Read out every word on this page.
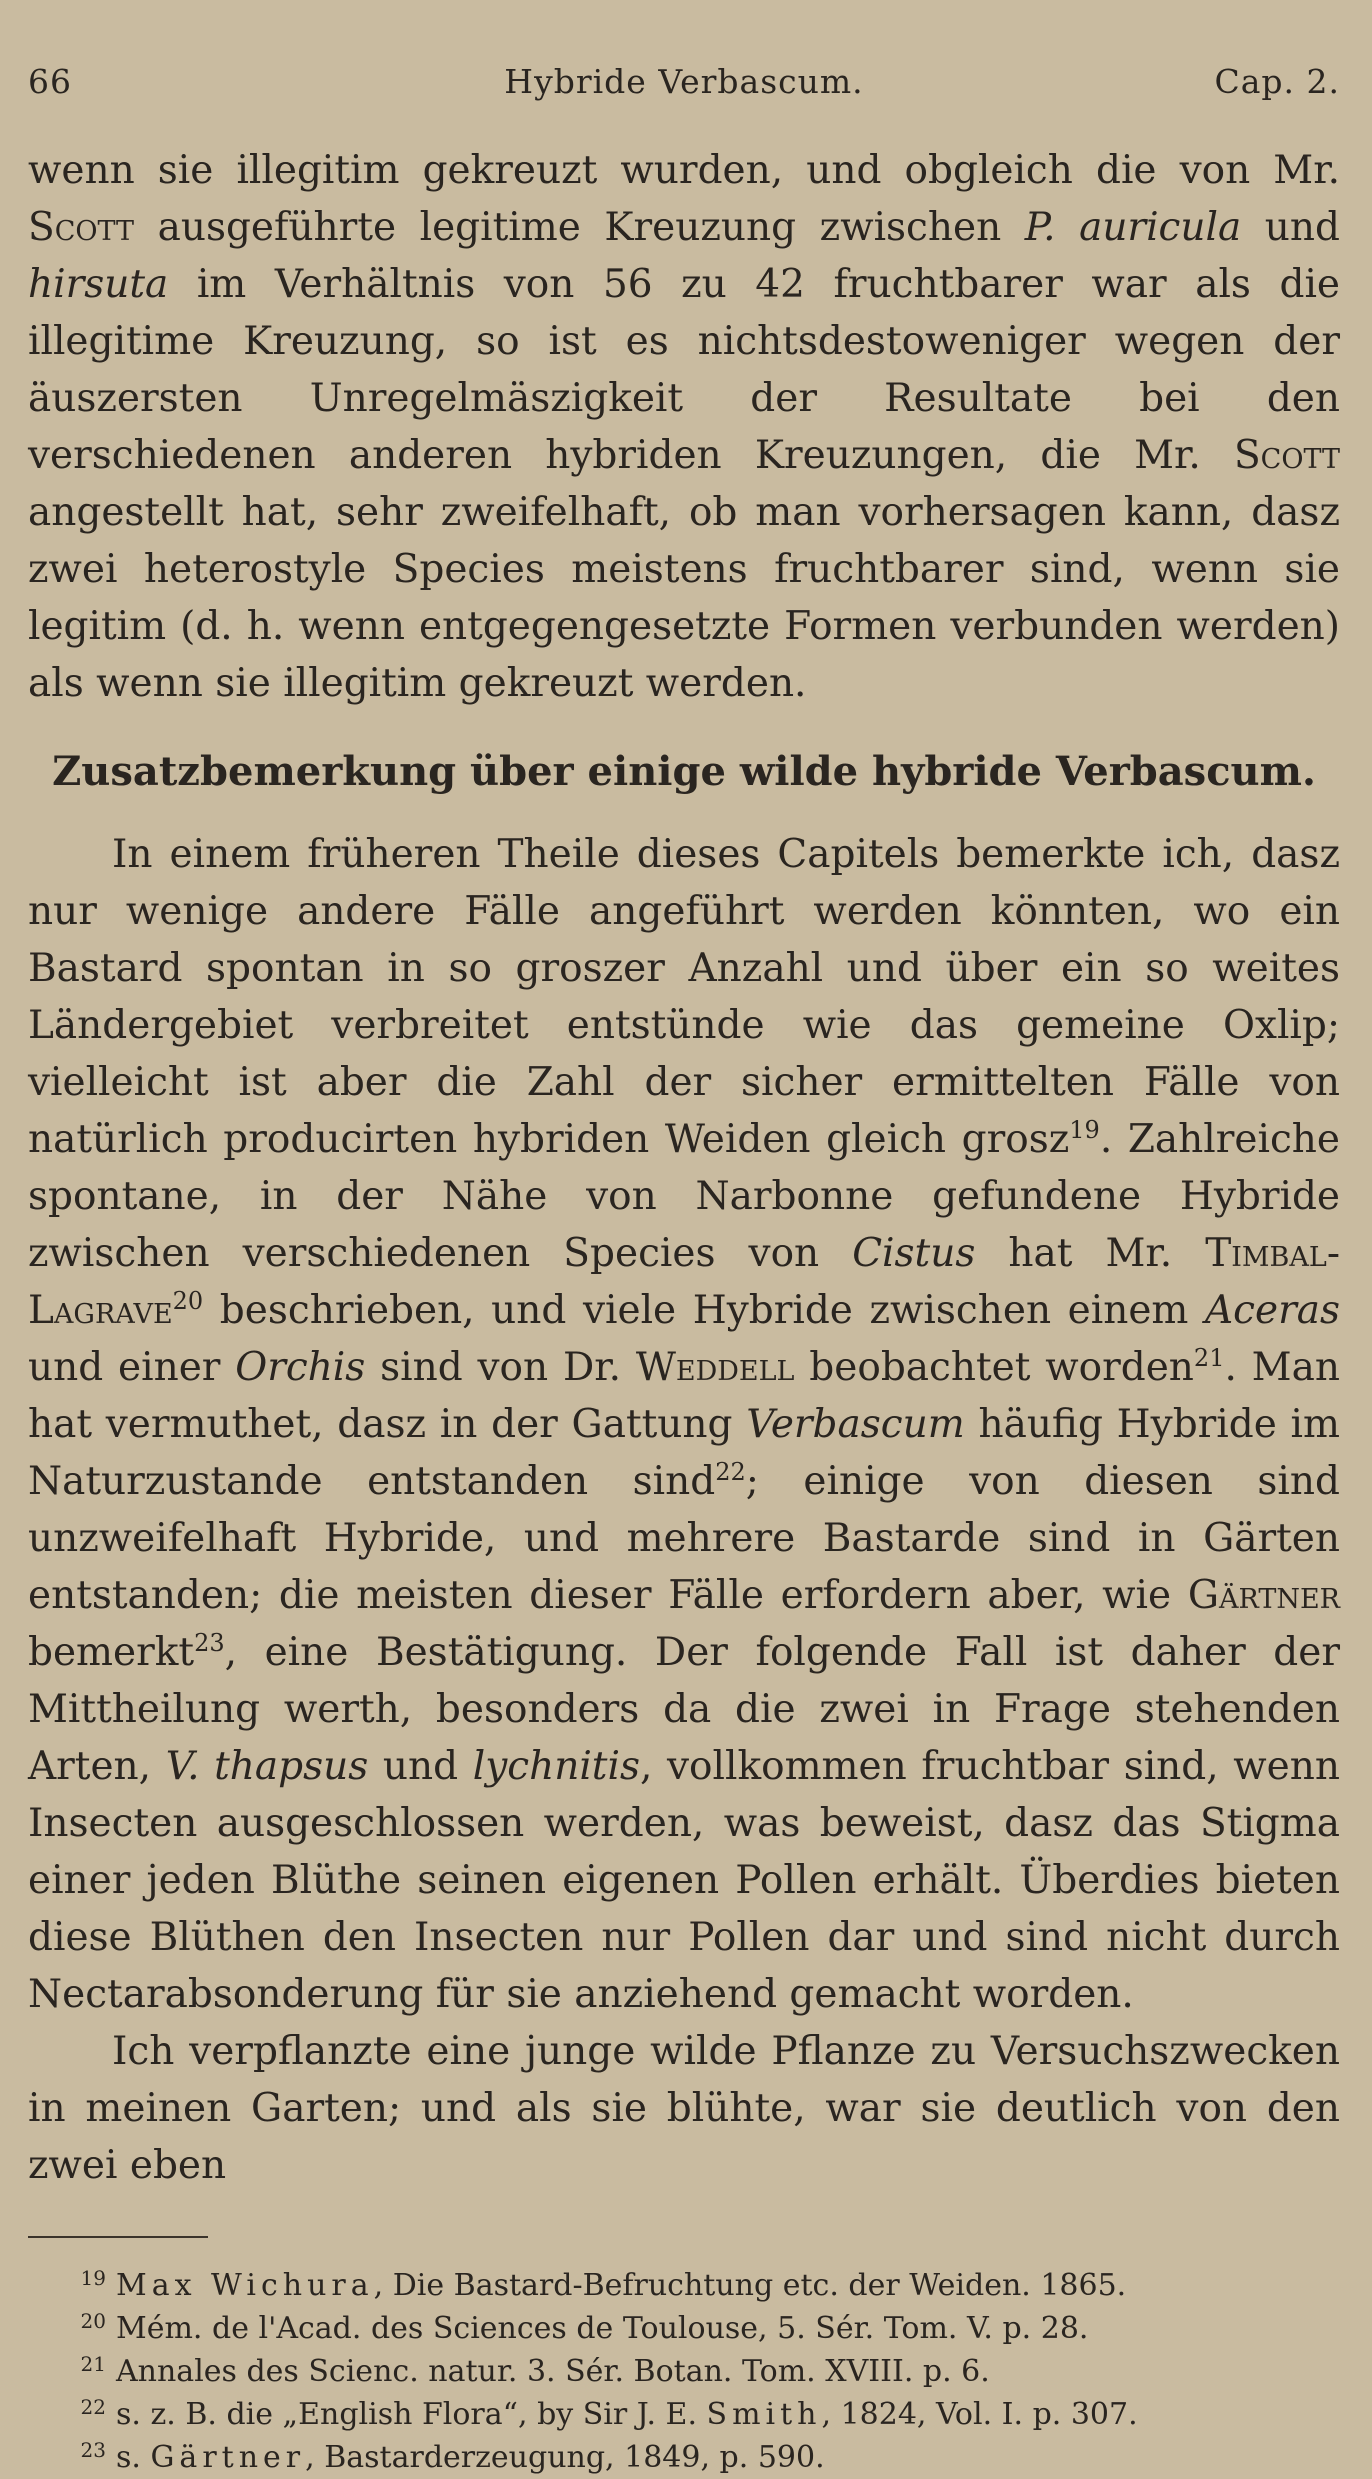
66	Hybride Verbascum.	Cap. 2.

wenn sie illegitim gekreuzt wurden, und obgleich die von Mr. Scott ausgeführte legitime Kreuzung zwischen P. auricula und hirsuta im Verhältnis von 56 zu 42 fruchtbarer war als die illegitime Kreuzung, so ist es nichtsdestoweniger wegen der äuszersten Unregelmäszigkeit der Resultate bei den verschiedenen anderen hybriden Kreuzungen, die Mr. Scott angestellt hat, sehr zweifelhaft, ob man vorhersagen kann, dasz zwei heterostyle Species meistens fruchtbarer sind, wenn sie legitim (d. h. wenn entgegengesetzte Formen verbunden werden) als wenn sie illegitim gekreuzt werden.

Zusatzbemerkung über einige wilde hybride Verbascum.

In einem früheren Theile dieses Capitels bemerkte ich, dasz nur wenige andere Fälle angeführt werden könnten, wo ein Bastard spontan in so groszer Anzahl und über ein so weites Ländergebiet verbreitet entstünde wie das gemeine Oxlip; vielleicht ist aber die Zahl der sicher ermittelten Fälle von natürlich producirten hybriden Weiden gleich grosz$^{19}$. Zahlreiche spontane, in der Nähe von Narbonne gefundene Hybride zwischen verschiedenen Species von Cistus hat Mr. Timbal-Lagrave$^{20}$ beschrieben, und viele Hybride zwischen einem Aceras und einer Orchis sind von Dr. Weddell beobachtet worden$^{21}$. Man hat vermuthet, dasz in der Gattung Verbascum häufig Hybride im Naturzustande entstanden sind$^{22}$; einige von diesen sind unzweifelhaft Hybride, und mehrere Bastarde sind in Gärten entstanden; die meisten dieser Fälle erfordern aber, wie Gärtner bemerkt$^{23}$, eine Bestätigung. Der folgende Fall ist daher der Mittheilung werth, besonders da die zwei in Frage stehenden Arten, V. thapsus und lychnitis, vollkommen fruchtbar sind, wenn Insecten ausgeschlossen werden, was beweist, dasz das Stigma einer jeden Blüthe seinen eigenen Pollen erhält. Überdies bieten diese Blüthen den Insecten nur Pollen dar und sind nicht durch Nectarabsonderung für sie anziehend gemacht worden.

Ich verpflanzte eine junge wilde Pflanze zu Versuchszwecken in meinen Garten; und als sie blühte, war sie deutlich von den zwei eben

19 Max Wichura, Die Bastard-Befruchtung etc. der Weiden. 1865.
20 Mém. de l'Acad. des Sciences de Toulouse, 5. Sér. Tom. V. p. 28.
21 Annales des Scienc. natur. 3. Sér. Botan. Tom. XVIII. p. 6.
22 s. z. B. die „English Flora“, by Sir J. E. Smith, 1824, Vol. I. p. 307.
23 s. Gärtner, Bastarderzeugung, 1849, p. 590.
